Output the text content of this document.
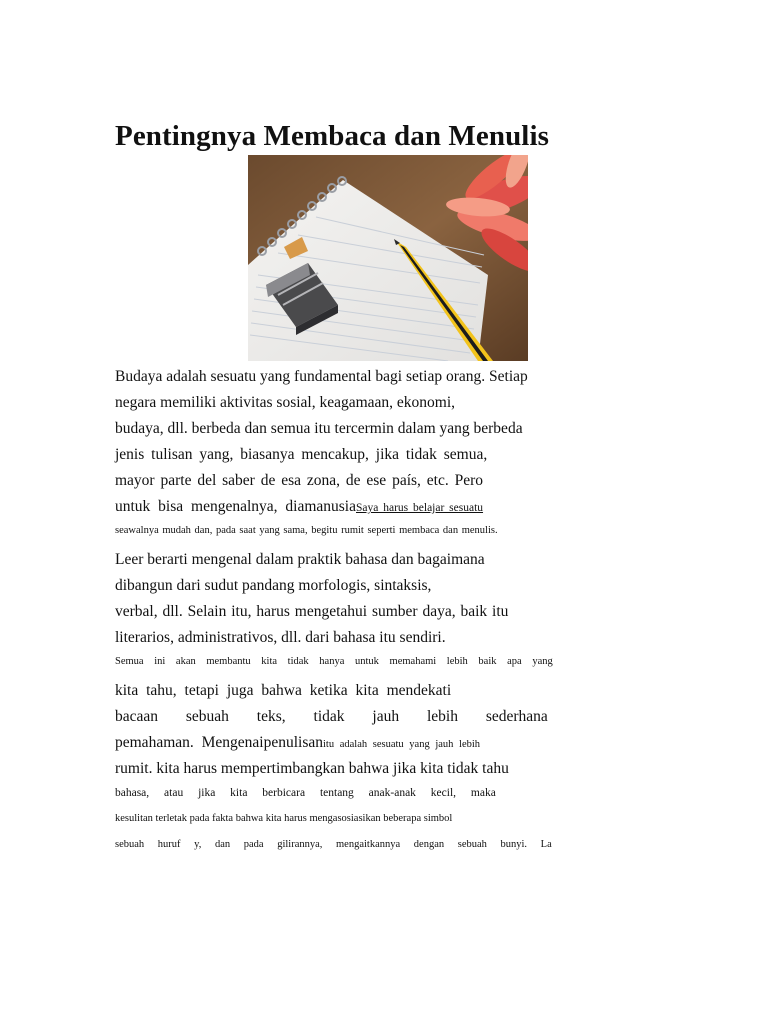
Pentingnya Membaca dan Menulis
Budaya adalah sesuatu yang fundamental bagi setiap orang. Setiap
negara memiliki aktivitas sosial, keagamaan, ekonomi,
budaya, dll. berbeda dan semua itu tercermin dalam yang berbeda
jenis tulisan yang, biasanya mencakup, jika tidak semua,
mayor parte del saber de esa zona, de ese país, etc. Pero
untuk bisa mengenalnya, diamanusiaSaya harus belajar sesuatu
seawalnya mudah dan, pada saat yang sama, begitu rumit seperti membaca dan menulis.
Leer berarti mengenal dalam praktik bahasa dan bagaimana
dibangun dari sudut pandang morfologis, sintaksis,
verbal, dll. Selain itu, harus mengetahui sumber daya, baik itu
literarios, administrativos, dll. dari bahasa itu sendiri.
Semua ini akan membantu kita tidak hanya untuk memahami lebih baik apa yang
kita tahu, tetapi juga bahwa ketika kita mendekati
bacaan sebuah teks, tidak jauh lebih sederhana
pemahaman. Mengenaipenulisanitu adalah sesuatu yang jauh lebih
rumit. kita harus mempertimbangkan bahwa jika kita tidak tahu
bahasa, atau jika kita berbicara tentang anak-anak kecil, maka
kesulitan terletak pada fakta bahwa kita harus mengasosiasikan beberapa simbol
sebuah huruf y, dan pada gilirannya, mengaitkannya dengan sebuah bunyi. La
